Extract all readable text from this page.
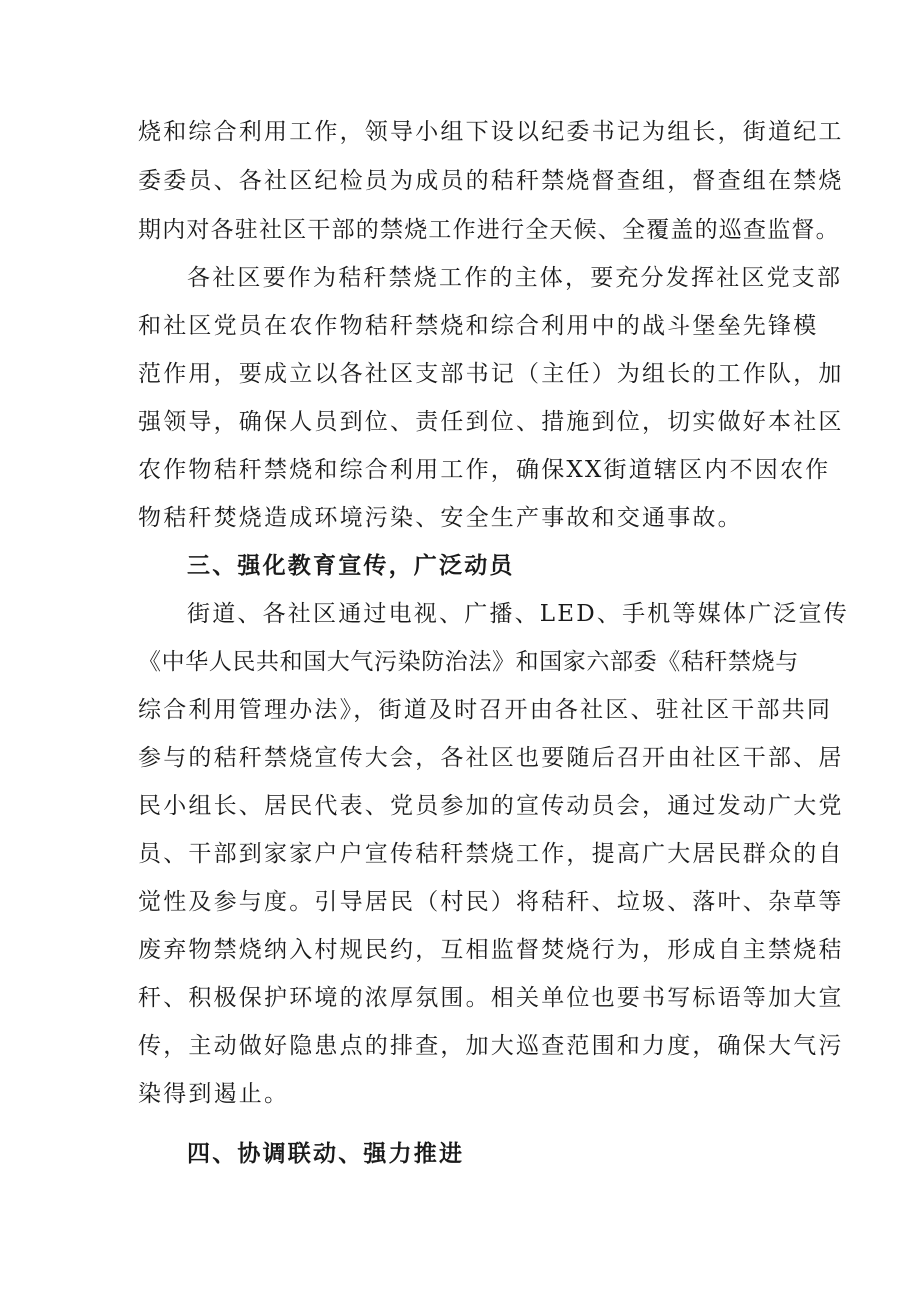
烧和综合利用工作，领导小组下设以纪委书记为组长，街道纪工
委委员、各社区纪检员为成员的秸秆禁烧督查组，督查组在禁烧
期内对各驻社区干部的禁烧工作进行全天候、全覆盖的巡查监督。
各社区要作为秸秆禁烧工作的主体，要充分发挥社区党支部
和社区党员在农作物秸秆禁烧和综合利用中的战斗堡垒先锋模
范作用，要成立以各社区支部书记（主任）为组长的工作队，加
强领导，确保人员到位、责任到位、措施到位，切实做好本社区
农作物秸秆禁烧和综合利用工作，确保XX街道辖区内不因农作
物秸秆焚烧造成环境污染、安全生产事故和交通事故。
三、强化教育宣传，广泛动员
街道、各社区通过电视、广播、LED、手机等媒体广泛宣传
《中华人民共和国大气污染防治法》和国家六部委《秸秆禁烧与
综合利用管理办法》，街道及时召开由各社区、驻社区干部共同
参与的秸秆禁烧宣传大会，各社区也要随后召开由社区干部、居
民小组长、居民代表、党员参加的宣传动员会，通过发动广大党
员、干部到家家户户宣传秸秆禁烧工作，提高广大居民群众的自
觉性及参与度。引导居民（村民）将秸秆、垃圾、落叶、杂草等
废弃物禁烧纳入村规民约，互相监督焚烧行为，形成自主禁烧秸
秆、积极保护环境的浓厚氛围。相关单位也要书写标语等加大宣
传，主动做好隐患点的排查，加大巡查范围和力度，确保大气污
染得到遏止。
四、协调联动、强力推进
